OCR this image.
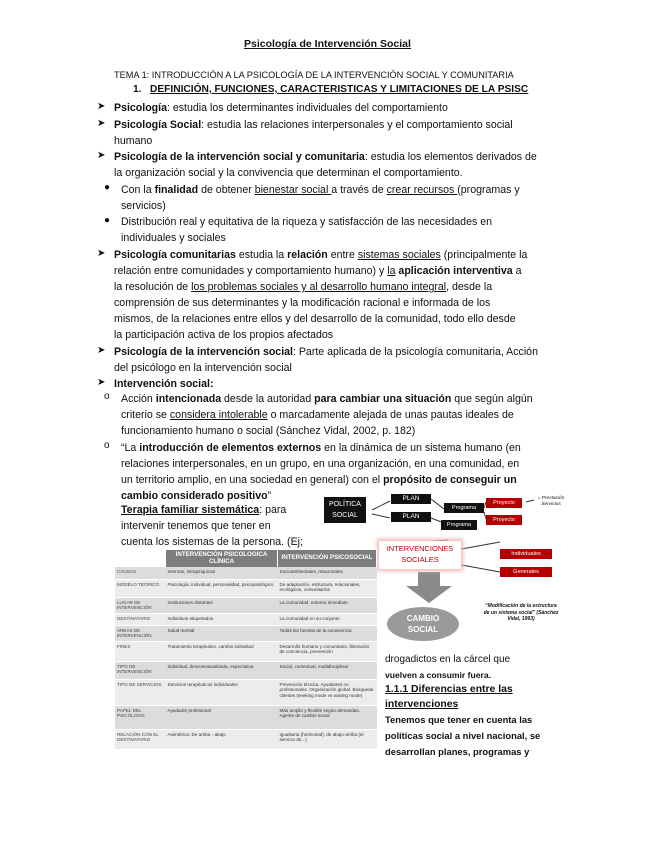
Psicología de Intervención Social
TEMA 1: INTRODUCCIÓN A LA PSICOLOGÍA DE LA INTERVENCIÓN SOCIAL Y COMUNITARIA
1. DEFINICIÓN, FUNCIONES, CARACTERISTICAS Y LIMITACIONES DE LA PSISC
➤ Psicología: estudia los determinantes individuales del comportamiento
➤ Psicología Social: estudia las relaciones interpersonales y el comportamiento social
humano
➤ Psicología de la intervención social y comunitaria: estudia los elementos derivados de
la organización social y la convivencia que determinan el comportamiento.
● Con la finalidad de obtener bienestar social a través de crear recursos (programas y
servicios)
● Distribución real y equitativa de la riqueza y satisfacción de las necesidades en
individuales y sociales
➤ Psicología comunitarias estudia la relación entre sistemas sociales (principalmente la
relación entre comunidades y comportamiento humano) y la aplicación interventiva a
la resolución de los problemas sociales y al desarrollo humano integral, desde la
comprensión de sus determinantes y la modificación racional e informada de los
mismos, de la relaciones entre ellos y del desarrollo de la comunidad, todo ello desde
la participación activa de los propios afectados
➤ Psicología de la intervención social: Parte aplicada de la psicología comunitaria, Acción
del psicólogo en la intervención social
➤ Intervención social:
o Acción intencionada desde la autoridad para cambiar una situación que según algún
criterio se considera intolerable o marcadamente alejada de unas pautas ideales de
funcionamiento humano o social (Sánchez Vidal, 2002, p. 182)
o “La introducción de elementos externos en la dinámica de un sistema humano (en
relaciones interpersonales, en un grupo, en una organización, en una comunidad, en
un territorio amplio, en una sociedad en general) con el propósito de conseguir un
cambio considerado positivo”
Terapia familiar sistemática: para
intervenir tenemos que tener en
cuenta los sistemas de la persona. (Ej;
POLÍTICA SOCIAL
PLAN
PLAN
Programa
Programa
Proyecto
Proyecto
= Prestación Servicios
INTERVENCIONES SOCIALES
Individuales
Generales
CAMBIO SOCIAL
“Modificación de la estructura de un sistema social” (Sánchez Vidal, 1993)
	INTERVENCIÓN PSICOLOGICA CLÍNICA	INTERVENCIÓN PSICOSOCIAL
CAUSAS	Internas, intrapsíquicas	Socioambientales, relacionales
MODELO TEÓRICO	Psicología: individual, personalidad, psicopatológico	De adaptación, estructura, relacionales, ecológicos, comunitarios
LUGAR DE INTERVENCIÓN	Instituciones distantes	La comunidad: entorno inmediato
DESTINATARIO	Individuos etiquetados	La comunidad en su conjunto
ÁREAS DE INTERVENCIÓN	Salud mental	Todas las facetas de la convivencia
FINES	Tratamiento terapéutico, cambio individual	Desarrollo humano y comunitario, liberación de conciencia, prevención
TIPO DE INTERVENCIÓN	Individual, desconextualizada, expectativa	Social, contextual, multidisciplinar
TIPO DE SERVICIOS	Servicios terapéuticos individuales	Prevención técnica. Ayudantes no profesionales. Organización global. Búsqueda clientes (seeking mode vs waiting mode)
PAPEL DEL PSICÓLOGO	Ayudador profesional	Más amplio y flexible según demandas. Agente de cambio social
RELACIÓN CON EL DESTINATARIO	Asimétrica: De arriba - abajo	Igualitaria (horizontal); de abajo-arriba (el servicio de...)
drogadictos en la cárcel que
vuelven a consumir fuera.
1.1.1 Diferencias entre las
intervenciones
Tenemos que tener en cuenta las
políticas social a nivel nacional, se
desarrollan planes, programas y
